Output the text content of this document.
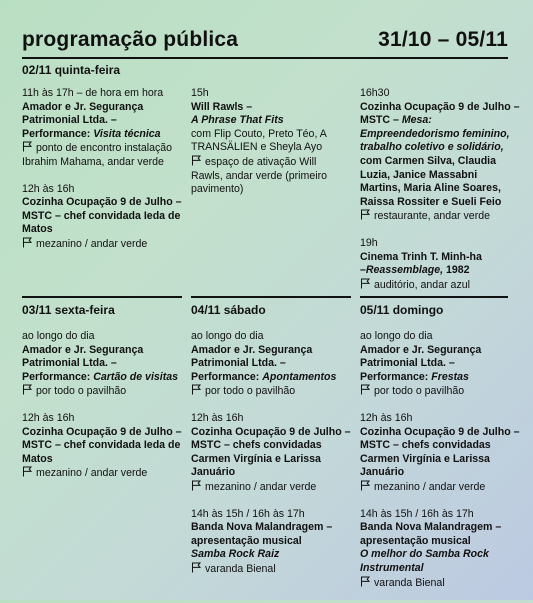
programação pública	31/10 – 05/11
02/11 quinta-feira
11h às 17h – de hora em hora
Amador e Jr. Segurança Patrimonial Ltda. –
Performance: Visita técnica
ponto de encontro instalação Ibrahim Mahama, andar verde
12h às 16h
Cozinha Ocupação 9 de Julho – MSTC – chef convidada Ieda de Matos
mezanino / andar verde
15h
Will Rawls –
A Phrase That Fits
com Flip Couto, Preto Téo, A TRANSÄLIEN e Sheyla Ayo
espaço de ativação Will Rawls, andar verde (primeiro pavimento)
16h30
Cozinha Ocupação 9 de Julho – MSTC – Mesa: Empreendedorismo feminino, trabalho coletivo e solidário, com Carmen Silva, Claudia Luzia, Janice Massabni Martins, Maria Aline Soares, Raissa Rossiter e Sueli Feio
restaurante, andar verde
19h
Cinema Trinh T. Minh-ha
–Reassemblage, 1982
auditório, andar azul
03/11 sexta-feira
ao longo do dia
Amador e Jr. Segurança Patrimonial Ltda. –
Performance: Cartão de visitas
por todo o pavilhão
12h às 16h
Cozinha Ocupação 9 de Julho – MSTC – chef convidada Ieda de Matos
mezanino / andar verde
04/11 sábado
ao longo do dia
Amador e Jr. Segurança Patrimonial Ltda. –
Performance: Apontamentos
por todo o pavilhão
12h às 16h
Cozinha Ocupação 9 de Julho – MSTC – chefs convidadas Carmen Virgínia e Larissa Januário
mezanino / andar verde
14h às 15h / 16h às 17h
Banda Nova Malandragem – apresentação musical
Samba Rock Raiz
varanda Bienal
05/11 domingo
ao longo do dia
Amador e Jr. Segurança Patrimonial Ltda. –
Performance: Frestas
por todo o pavilhão
12h às 16h
Cozinha Ocupação 9 de Julho – MSTC – chefs convidadas Carmen Virgínia e Larissa Januário
mezanino / andar verde
14h às 15h / 16h às 17h
Banda Nova Malandragem – apresentação musical
O melhor do Samba Rock Instrumental
varanda Bienal
